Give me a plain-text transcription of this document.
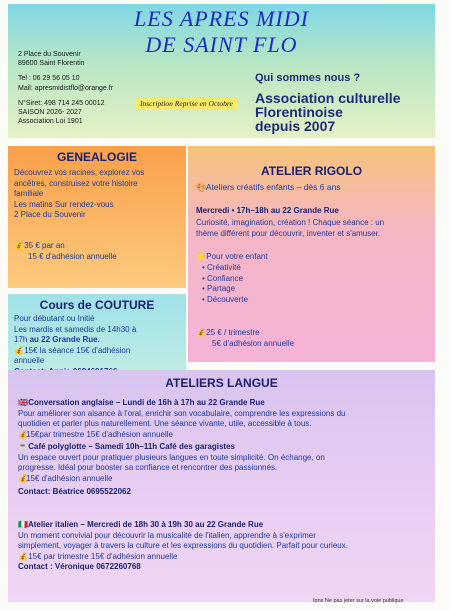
LES APRES MIDI
DE SAINT FLO
2 Place du Souvenir
89600 Saint Florentin
Tel : 06 29 56 05 10
Mail: apresmidistflo@orange.fr
N°Siret: 498 714 245 00012
SAISON 2026- 2027
Association Loi 1901
Inscription Reprise en Octobre
Qui sommes nous ?
Association culturelle
Florentinoise
depuis 2007
GENEALOGIE
Découvrez vos racines, explorez vos
ancêtres, construisez votre histoire
familiale
Les matins Sur rendez-vous
2 Place du Souvenir
💰 35 € par an
15 € d'adhésion annuelle
Cours de COUTURE
Pour débutant ou Initié
Les mardis et samedis de 14h30 à
17h au 22 Grande Rue.
💰 15€ la séance 15€ d'adhésion
annuelle
ATELIER RIGOLO
🎨 Ateliers créatifs enfants – dès 6 ans
Mercredi • 17h–18h au 22 Grande Rue
Curiosité, imagination, création ! Chaque séance : un
thème différent pour découvrir, inventer et s'amuser.
🌟 Pour votre enfant
• Créativité
• Confiance
• Partage
• Découverte
💰 25 € / trimestre
5€ d'adhésion annuelle
ATELIERS LANGUE
🇬🇧 Conversation anglaise – Lundi de 16h à 17h au 22 Grande Rue
Pour améliorer son aisance à l'oral, enrichir son vocabulaire, comprendre les expressions du
quotidien et parler plus naturellement. Une séance vivante, utile, accessible à tous.
💰15€par trimestre 15€ d'adhésion annuelle
☕ Café polyglotte – Samedi 10h–11h Café des garagistes
Un espace ouvert pour pratiquer plusieurs langues en toute simplicité. On échange, on
progresse. Idéal pour booster sa confiance et rencontrer des passionnés.
💰15€ d'adhésion annuelle
Contact: Béatrice 0695522062
🇮🇹 Atelier italien – Mercredi de 18h 30 à 19h 30 au 22 Grande Rue
Un moment convivial pour découvrir la musicalité de l'italien, apprendre à s'exprimer
simplement, voyager à travers la culture et les expressions du quotidien. Parfait pour curieux.
💰 15€ par trimestre 15€ d'adhésion annuelle
Contact : Véronique 0672260768
Ipns Ne pas jeter sur la voie publique
